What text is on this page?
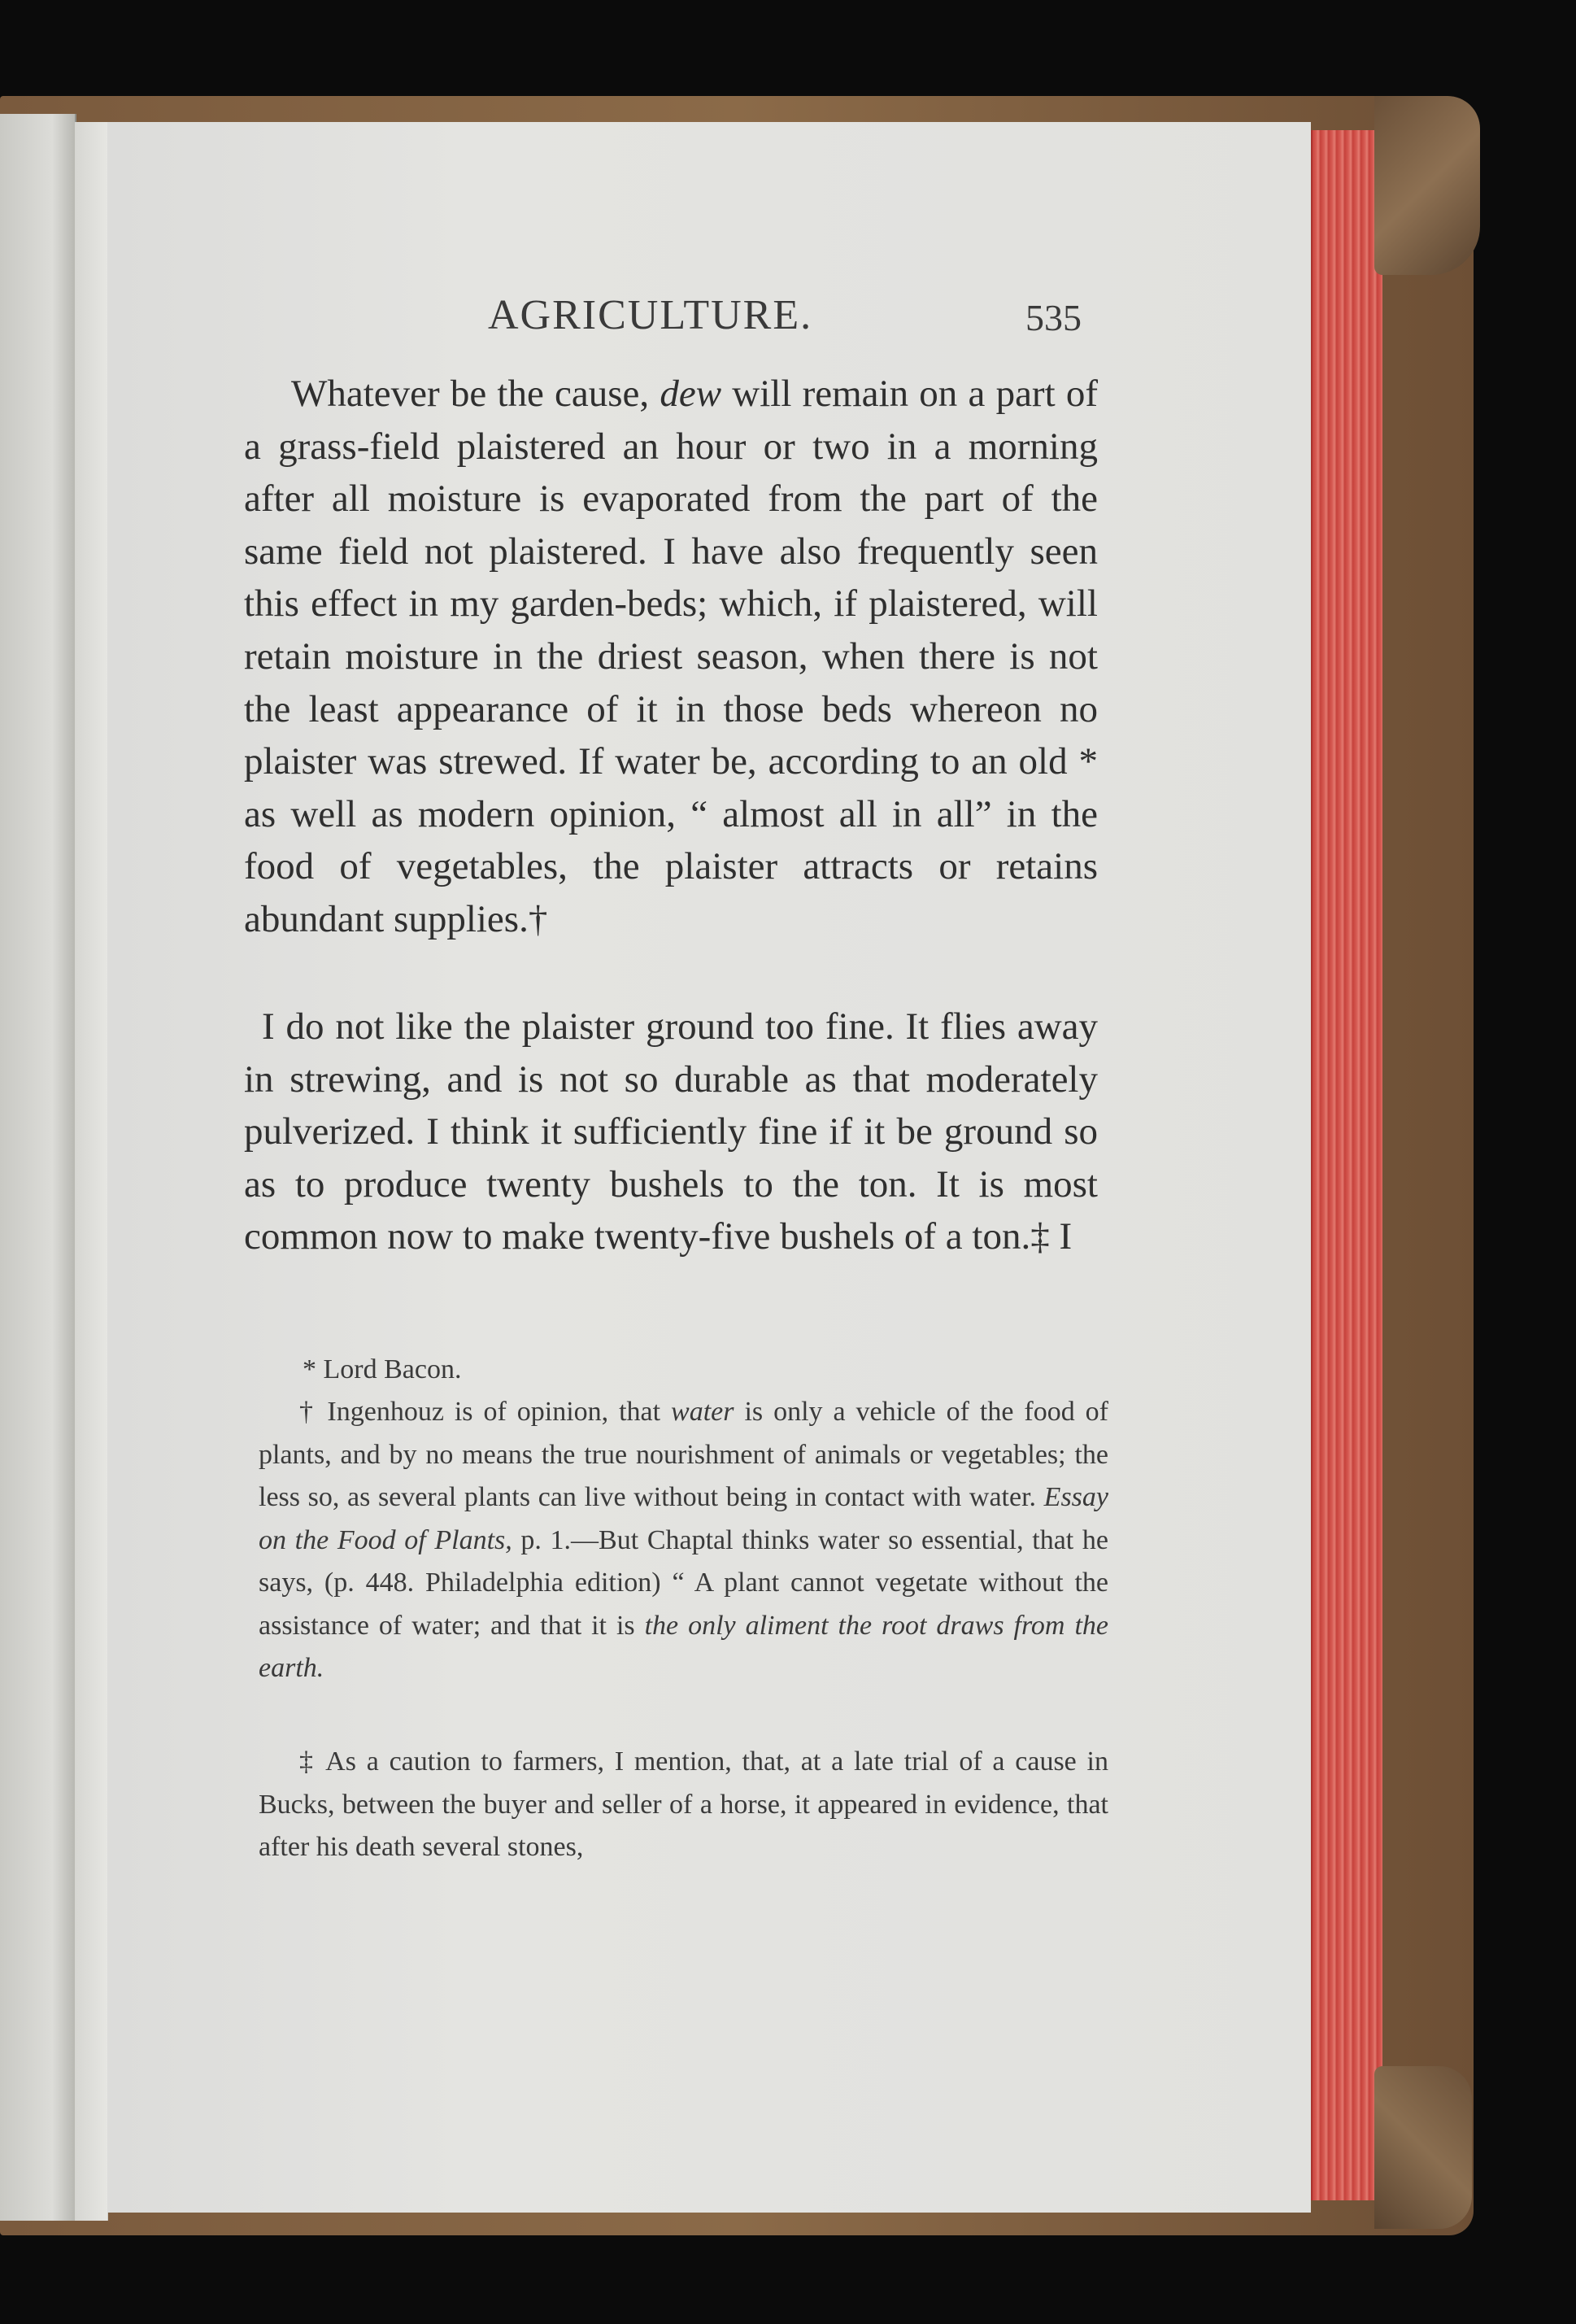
AGRICULTURE.	535

Whatever be the cause, dew will remain on a part of a grass-field plaistered an hour or two in a morning after all moisture is evaporated from the part of the same field not plaistered. I have also frequently seen this effect in my garden-beds; which, if plaistered, will retain moisture in the driest season, when there is not the least appearance of it in those beds whereon no plaister was strewed. If water be, according to an old * as well as modern opinion, “ almost all in all” in the food of vegetables, the plaister attracts or retains abundant supplies.†

I do not like the plaister ground too fine. It flies away in strewing, and is not so durable as that moderately pulverized. I think it sufficiently fine if it be ground so as to produce twenty bushels to the ton. It is most common now to make twenty-five bushels of a ton.‡ I

* Lord Bacon.

† Ingenhouz is of opinion, that water is only a vehicle of the food of plants, and by no means the true nourishment of animals or vegetables; the less so, as several plants can live without being in contact with water. Essay on the Food of Plants, p. 1.—But Chaptal thinks water so essential, that he says, (p. 448. Philadelphia edition) “ A plant cannot vegetate without the assistance of water; and that it is the only aliment the root draws from the earth.

‡ As a caution to farmers, I mention, that, at a late trial of a cause in Bucks, between the buyer and seller of a horse, it appeared in evidence, that after his death several stones,
